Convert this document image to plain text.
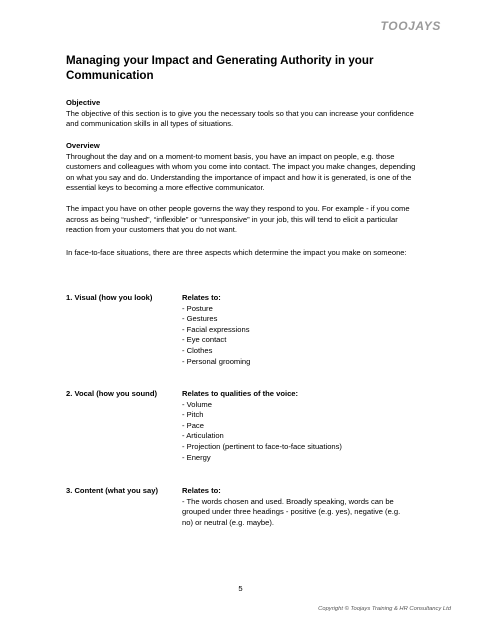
TOOJAYS
Managing your Impact and Generating Authority in your Communication

Objective

The objective of this section is to give you the necessary tools so that you can increase your confidence and communication skills in all types of situations.

Overview

Throughout the day and on a moment-to moment basis, you have an impact on people, e.g. those customers and colleagues with whom you come into contact. The impact you make changes, depending on what you say and do. Understanding the importance of impact and how it is generated, is one of the essential keys to becoming a more effective communicator.

The impact you have on other people governs the way they respond to you. For example - if you come across as being “rushed”, “inflexible” or “unresponsive” in your job, this will tend to elicit a particular reaction from your customers that you do not want.

In face-to-face situations, there are three aspects which determine the impact you make on someone:

1. Visual (how you look)	Relates to:
- Posture
- Gestures
- Facial expressions
- Eye contact
- Clothes
- Personal grooming
2. Vocal (how you sound)	Relates to qualities of the voice:
- Volume
- Pitch
- Pace
- Articulation
- Projection (pertinent to face-to-face situations)
- Energy
3. Content (what you say)	Relates to:
- The words chosen and used. Broadly speaking, words can be grouped under three headings - positive (e.g. yes), negative (e.g. no) or neutral (e.g. maybe).
5
Copyright © Toojays Training & HR Consultancy Ltd
